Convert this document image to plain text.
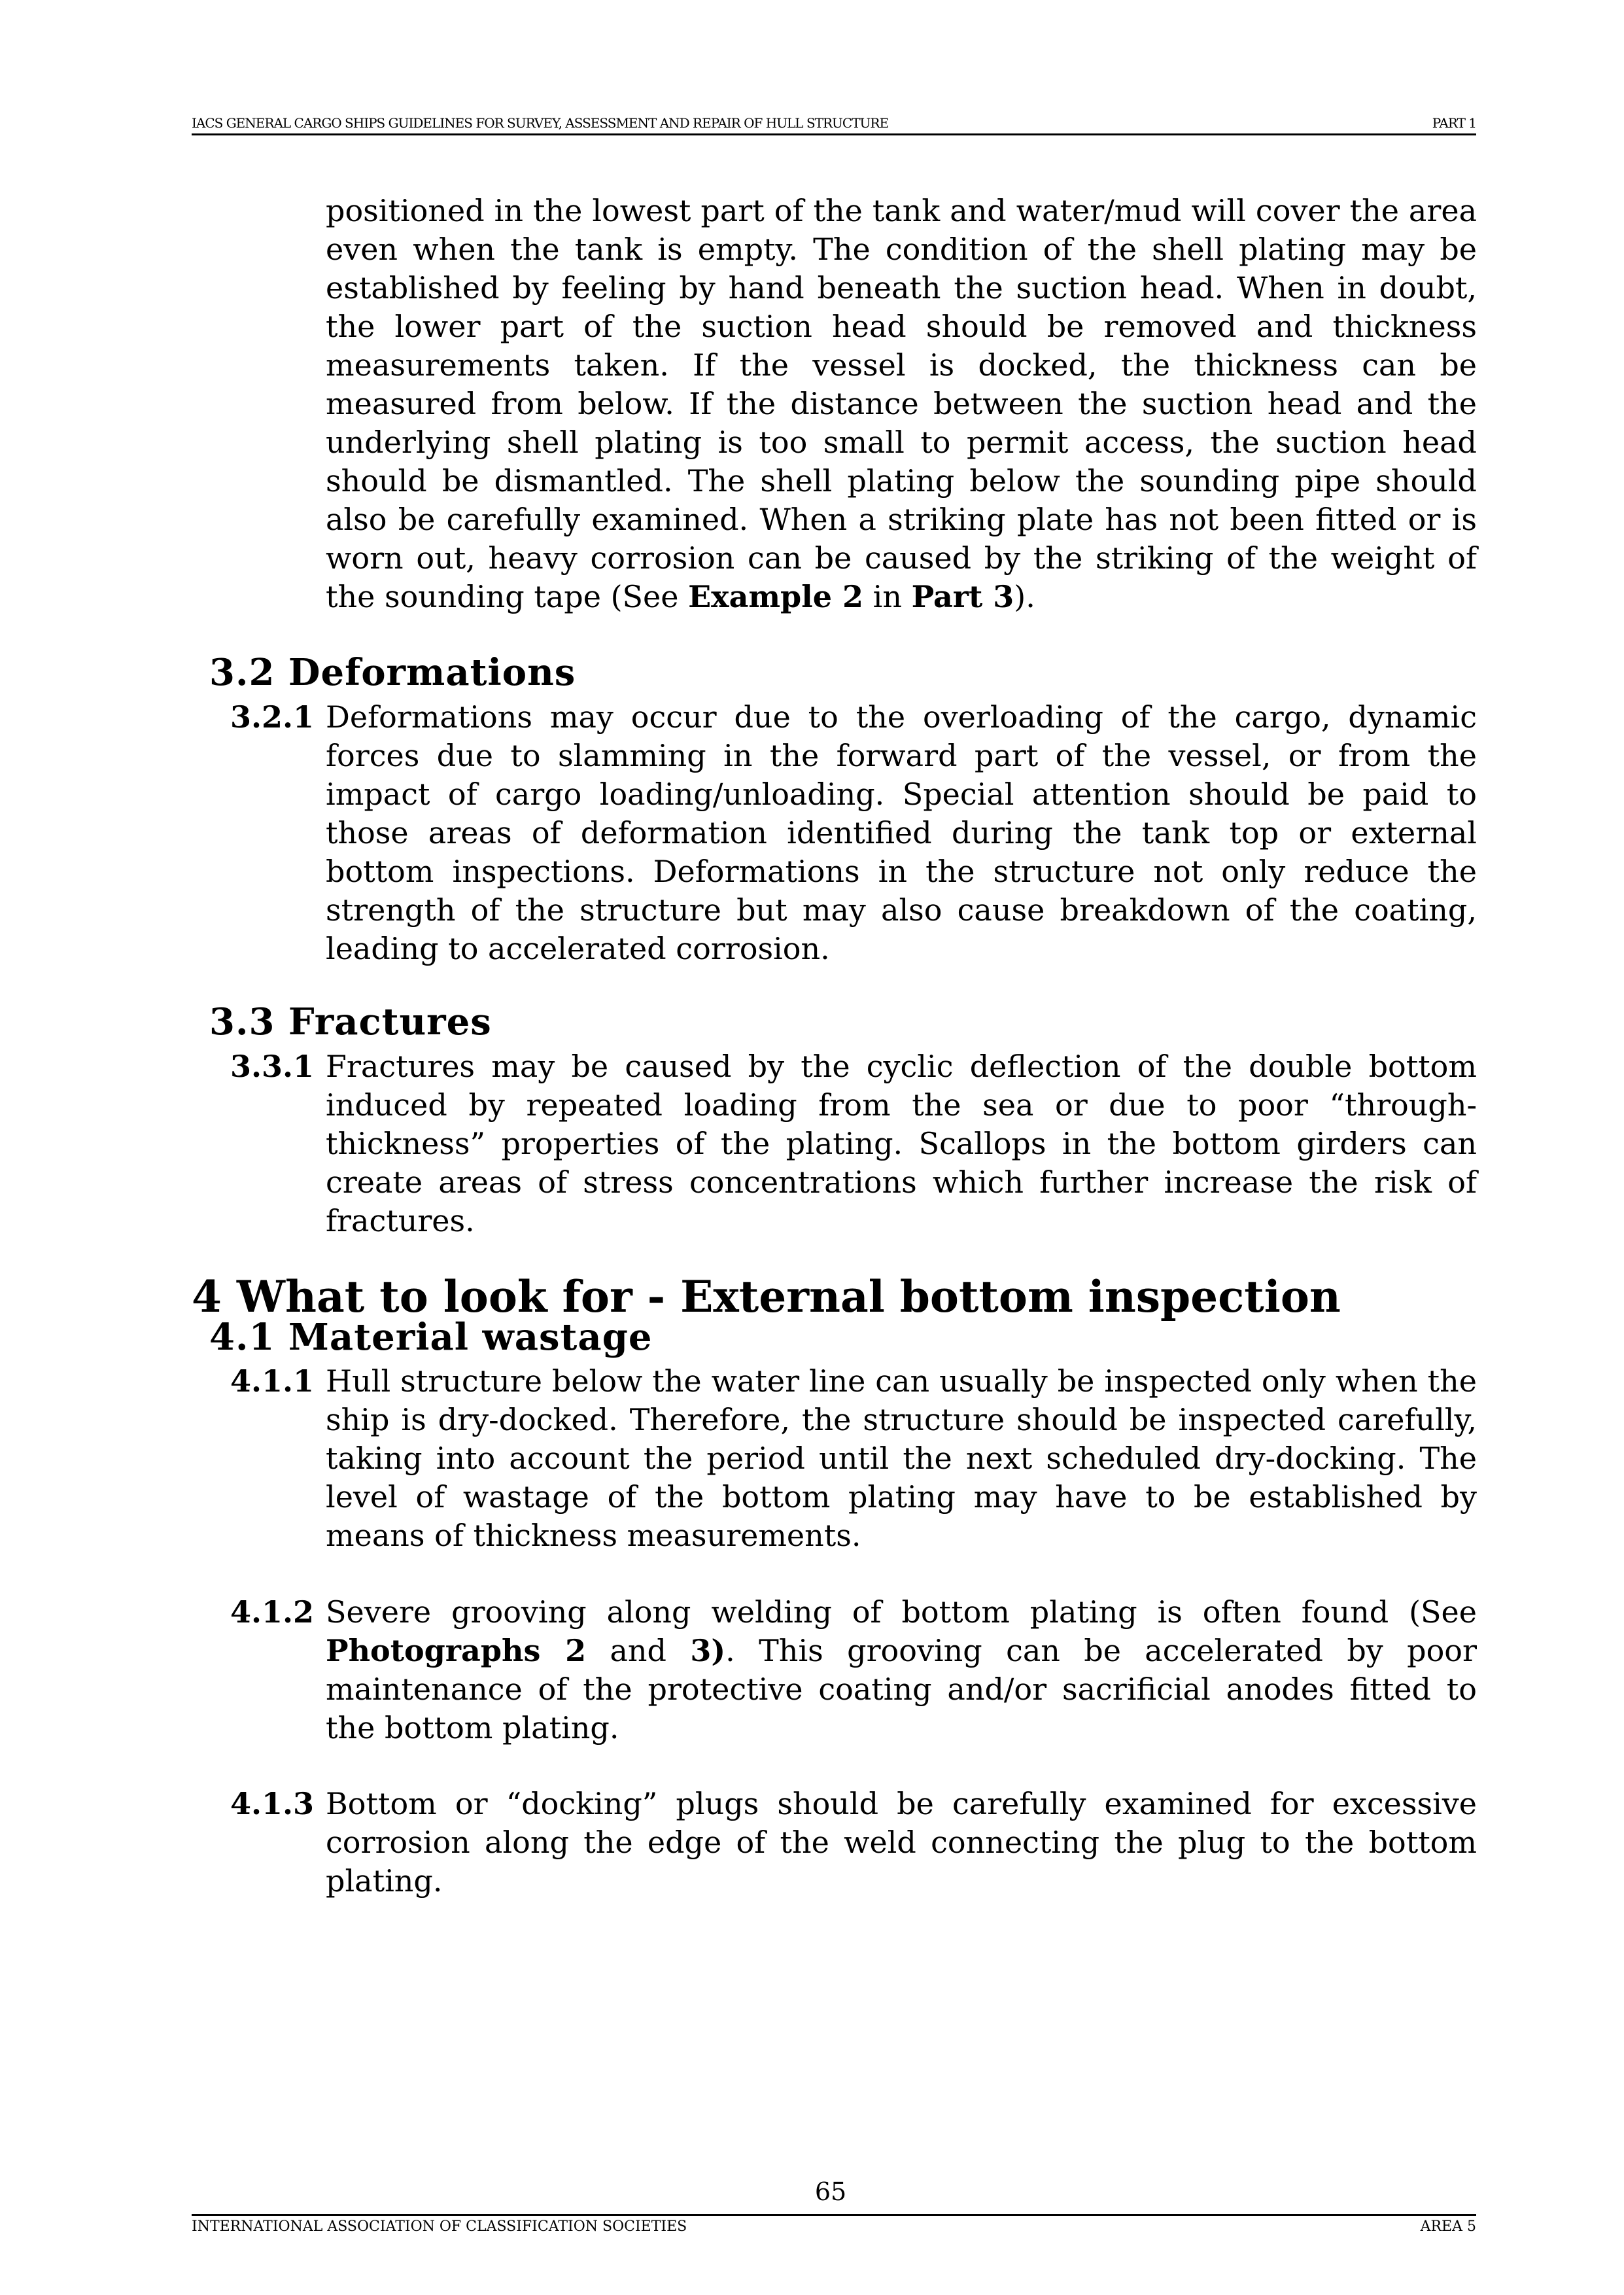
IACS GENERAL CARGO SHIPS GUIDELINES FOR SURVEY, ASSESSMENT AND REPAIR OF HULL STRUCTURE	PART 1
positioned in the lowest part of the tank and water/mud will cover the area even when the tank is empty. The condition of the shell plating may be established by feeling by hand beneath the suction head. When in doubt, the lower part of the suction head should be removed and thickness measurements taken. If the vessel is docked, the thickness can be measured from below. If the distance between the suction head and the underlying shell plating is too small to permit access, the suction head should be dismantled. The shell plating below the sounding pipe should also be carefully examined. When a striking plate has not been fitted or is worn out, heavy corrosion can be caused by the striking of the weight of the sounding tape (See Example 2 in Part 3).
3.2 Deformations
3.2.1 Deformations may occur due to the overloading of the cargo, dynamic forces due to slamming in the forward part of the vessel, or from the impact of cargo loading/unloading. Special attention should be paid to those areas of deformation identified during the tank top or external bottom inspections. Deformations in the structure not only reduce the strength of the structure but may also cause breakdown of the coating, leading to accelerated corrosion.
3.3 Fractures
3.3.1 Fractures may be caused by the cyclic deflection of the double bottom induced by repeated loading from the sea or due to poor “through-thickness” properties of the plating. Scallops in the bottom girders can create areas of stress concentrations which further increase the risk of fractures.
4 What to look for - External bottom inspection
4.1 Material wastage
4.1.1 Hull structure below the water line can usually be inspected only when the ship is dry-docked. Therefore, the structure should be inspected carefully, taking into account the period until the next scheduled dry-docking. The level of wastage of the bottom plating may have to be established by means of thickness measurements.
4.1.2 Severe grooving along welding of bottom plating is often found (See Photographs 2 and 3). This grooving can be accelerated by poor maintenance of the protective coating and/or sacrificial anodes fitted to the bottom plating.
4.1.3 Bottom or “docking” plugs should be carefully examined for excessive corrosion along the edge of the weld connecting the plug to the bottom plating.
65
INTERNATIONAL ASSOCIATION OF CLASSIFICATION SOCIETIES	AREA 5
